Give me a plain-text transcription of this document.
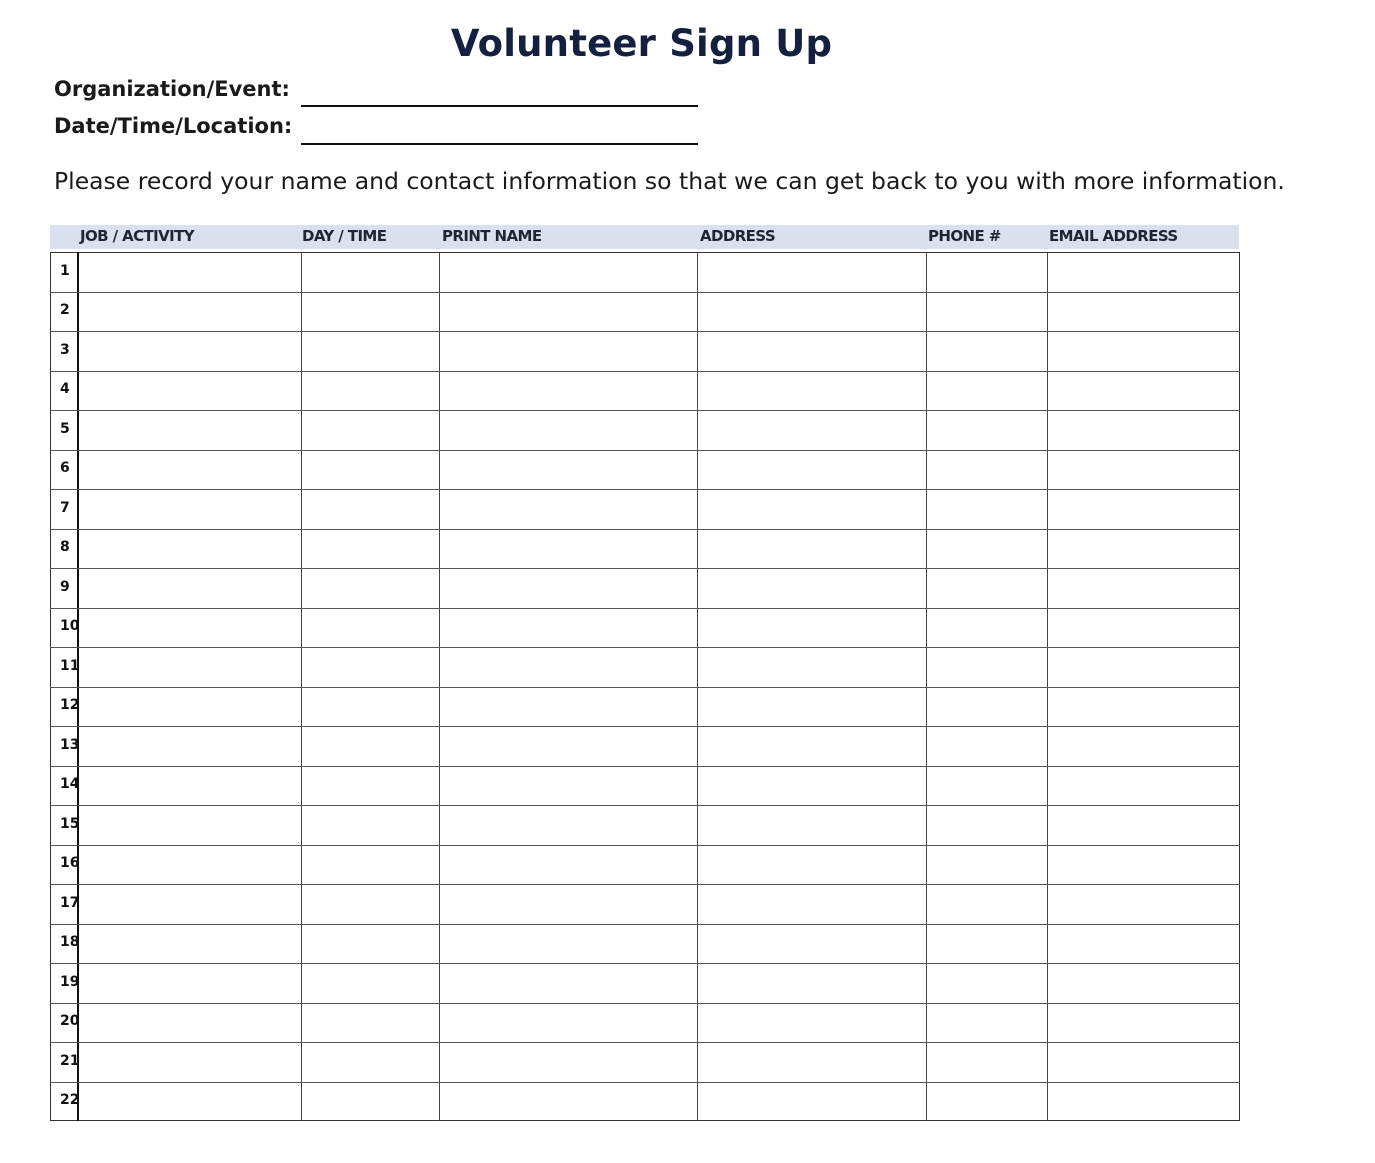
Volunteer Sign Up
Organization/Event:
Date/Time/Location:
Please record your name and contact information so that we can get back to you with more information.
JOB / ACTIVITY	DAY / TIME	PRINT NAME	ADDRESS	PHONE #	EMAIL ADDRESS
1
2
3
4
5
6
7
8
9
10
11
12
13
14
15
16
17
18
19
20
21
22
